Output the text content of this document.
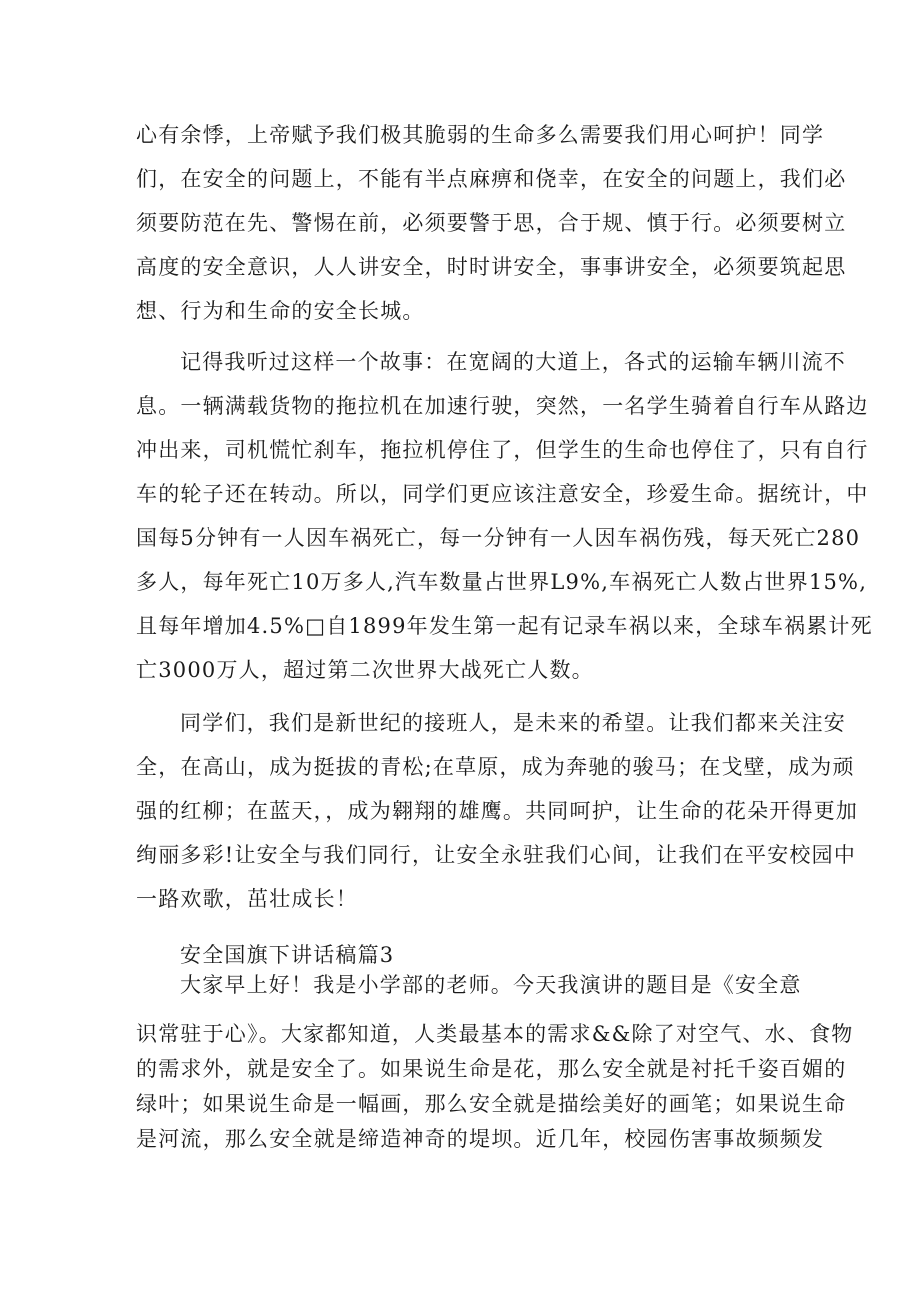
心有余悸，上帝赋予我们极其脆弱的生命多么需要我们用心呵护！同学
们，在安全的问题上，不能有半点麻痹和侥幸，在安全的问题上，我们必
须要防范在先、警惕在前，必须要警于思，合于规、慎于行。必须要树立
高度的安全意识，人人讲安全，时时讲安全，事事讲安全，必须要筑起思
想、行为和生命的安全长城。
记得我听过这样一个故事：在宽阔的大道上，各式的运输车辆川流不
息。一辆满载货物的拖拉机在加速行驶，突然，一名学生骑着自行车从路边
冲出来，司机慌忙刹车，拖拉机停住了，但学生的生命也停住了，只有自行
车的轮子还在转动。所以，同学们更应该注意安全，珍爱生命。据统计，中
国每5分钟有一人因车祸死亡，每一分钟有一人因车祸伤残，每天死亡280
多人，每年死亡10万多人,汽车数量占世界L9%,车祸死亡人数占世界15%,
且每年增加4.5%□自1899年发生第一起有记录车祸以来，全球车祸累计死
亡3000万人，超过第二次世界大战死亡人数。
同学们，我们是新世纪的接班人，是未来的希望。让我们都来关注安
全，在高山，成为挺拔的青松;在草原，成为奔驰的骏马；在戈壁，成为顽
强的红柳；在蓝天，，成为翱翔的雄鹰。共同呵护，让生命的花朵开得更加
绚丽多彩!让安全与我们同行，让安全永驻我们心间，让我们在平安校园中
一路欢歌，茁壮成长！
安全国旗下讲话稿篇3
大家早上好！我是小学部的老师。今天我演讲的题目是《安全意
识常驻于心》。大家都知道，人类最基本的需求&&除了对空气、水、食物
的需求外，就是安全了。如果说生命是花，那么安全就是衬托千姿百媚的
绿叶；如果说生命是一幅画，那么安全就是描绘美好的画笔；如果说生命
是河流，那么安全就是缔造神奇的堤坝。近几年，校园伤害事故频频发
